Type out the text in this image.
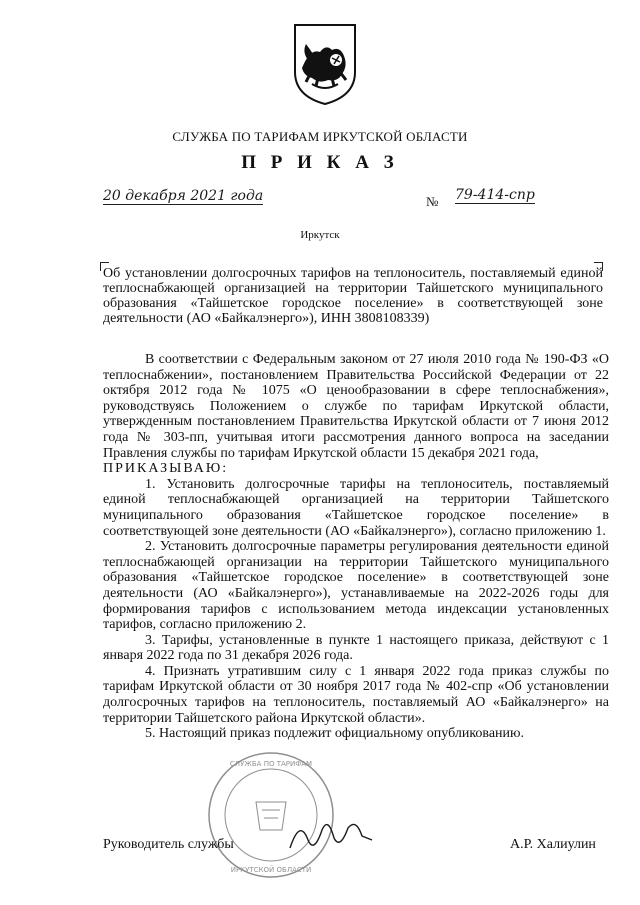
СЛУЖБА ПО ТАРИФАМ ИРКУТСКОЙ ОБЛАСТИ
П Р И К А З
20 декабря 2021 года	№ 79-414-спр
Иркутск
Об установлении долгосрочных тарифов на теплоноситель, поставляемый единой теплоснабжающей организацией на территории Тайшетского муниципального образования «Тайшетское городское поселение» в соответствующей зоне деятельности (АО «Байкалэнерго»), ИНН 3808108339)

В соответствии с Федеральным законом от 27 июля 2010 года № 190-ФЗ «О теплоснабжении», постановлением Правительства Российской Федерации от 22 октября 2012 года № 1075 «О ценообразовании в сфере теплоснабжения», руководствуясь Положением о службе по тарифам Иркутской области, утвержденным постановлением Правительства Иркутской области от 7 июня 2012 года № 303-пп, учитывая итоги рассмотрения данного вопроса на заседании Правления службы по тарифам Иркутской области 15 декабря 2021 года,

ПРИКАЗЫВАЮ:

1. Установить долгосрочные тарифы на теплоноситель, поставляемый единой теплоснабжающей организацией на территории Тайшетского муниципального образования «Тайшетское городское поселение» в соответствующей зоне деятельности (АО «Байкалэнерго»), согласно приложению 1.

2. Установить долгосрочные параметры регулирования деятельности единой теплоснабжающей организации на территории Тайшетского муниципального образования «Тайшетское городское поселение» в соответствующей зоне деятельности (АО «Байкалэнерго»), устанавливаемые на 2022-2026 годы для формирования тарифов с использованием метода индексации установленных тарифов, согласно приложению 2.

3. Тарифы, установленные в пункте 1 настоящего приказа, действуют с 1 января 2022 года по 31 декабря 2026 года.

4. Признать утратившим силу с 1 января 2022 года приказ службы по тарифам Иркутской области от 30 ноября 2017 года № 402-спр «Об установлении долгосрочных тарифов на теплоноситель, поставляемый АО «Байкалэнерго» на территории Тайшетского района Иркутской области».

5. Настоящий приказ подлежит официальному опубликованию.

СЛУЖБА ПО ТАРИФАМ
ИРКУТСКОЙ ОБЛАСТИ
Руководитель службы	А.Р. Халиулин
